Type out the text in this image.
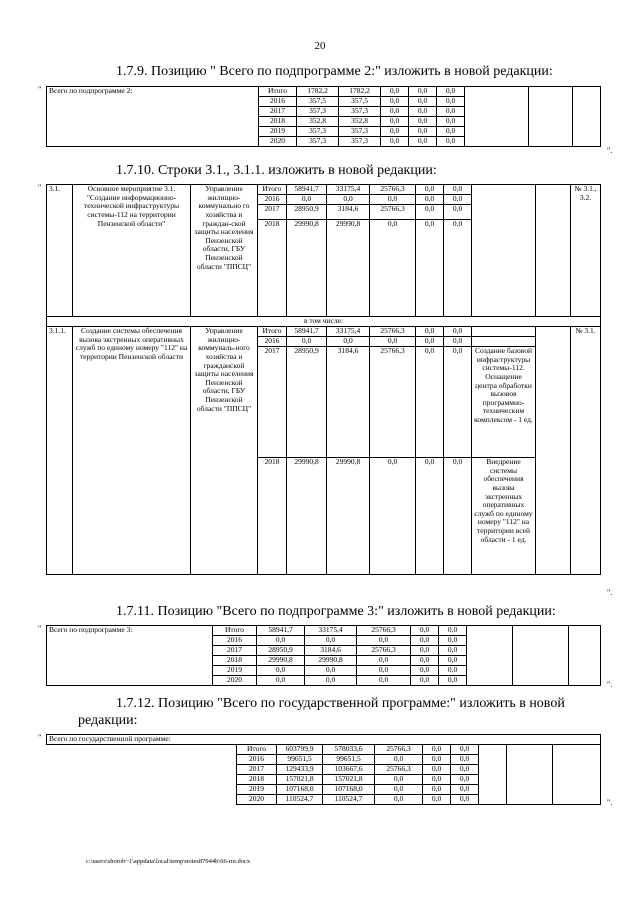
20
1.7.9. Позицию " Всего по подпрограмме 2:" изложить в новой редакции:
" Всего по подпрограмме 2:	Итого	1782,2	1782,2	0,0	0,0	0,0			
	2016	357,5	357,5	0,0	0,0	0,0			
	2017	357,3	357,3	0,0	0,0	0,0			
	2018	352,8	352,8	0,0	0,0	0,0			
	2019	357,3	357,3	0,0	0,0	0,0			
	2020	357,3	357,3	0,0	0,0	0,0			
".
1.7.10. Строки 3.1., 3.1.1. изложить в новой редакции:
" 3.1.	Основное мероприятие 3.1. "Создание информационно-технической инфраструктуры системы-112 на территории Пензенской области"	Управление жилищно-коммунально го хозяйства и граждан-ской защиты населения Пензенской области, ГБУ Пензенской области "ППСЦ"	Итого	58941,7	33175,4	25766,3	0,0	0,0			№ 3.1., 3.2.
			2016	0,0	0,0	0,0	0,0	0,0			
			2017	28950,9	3184,6	25766,3	0,0	0,0			
			2018	29990,8	29990,8	0,0	0,0	0,0			
в том числе:											
3.1.1.	Создание системы обеспечения вызова экстренных оперативных служб по единому номеру "112" на территории Пензенской области	Управление жилищно-коммуналь-ного хозяйства и гражданской защиты населения Пензенской области, ГБУ Пензенской области "ППСЦ"	Итого	58941,7	33175,4	25766,3	0,0	0,0			№ 3.1.
			2016	0,0	0,0	0,0	0,0	0,0			
			2017	28950,9	3184,6	25766,3	0,0	0,0	Создание базовой инфраструктуры системы-112. Оснащение центра обработки вызовов программно-техническим комплексом - 1 ед.		
			2018	29990,8	29990,8	0,0	0,0	0,0	Внедрение системы обеспечения вызова экстренных оперативных служб по единому номеру "112" на территории всей области - 1 ед.		
".
1.7.11. Позицию "Всего по подпрограмме 3:" изложить в новой редакции:
" Всего по подпрограмме 3:	Итого	58941,7	33175,4	25766,3	0,0	0,0			
	2016	0,0	0,0	0,0	0,0	0,0			
	2017	28950,9	3184,6	25766,3	0,0	0,0			
	2018	29990,8	29990,8	0,0	0,0	0,0			
	2019	0,0	0,0	0,0	0,0	0,0			
	2020	0,0	0,0	0,0	0,0	0,0			
".
1.7.12. Позицию "Всего по государственной программе:" изложить в новой
редакции:
" Всего по государственной программе:									
	Итого	603799,9	578033,6	25766,3	0,0	0,0			
	2016	99651,5	99651,5	0,0	0,0	0,0			
	2017	129433,9	103667,6	25766,3	0,0	0,0			
	2018	157021,8	157021,8	0,0	0,0	0,0			
	2019	107168,0	107168,0	0,0	0,0	0,0			
	2020	110524,7	110524,7	0,0	0,0	0,0				".
c:\users\shorob~1\appdata\local\temp\notes87944b\66-пп.docx
